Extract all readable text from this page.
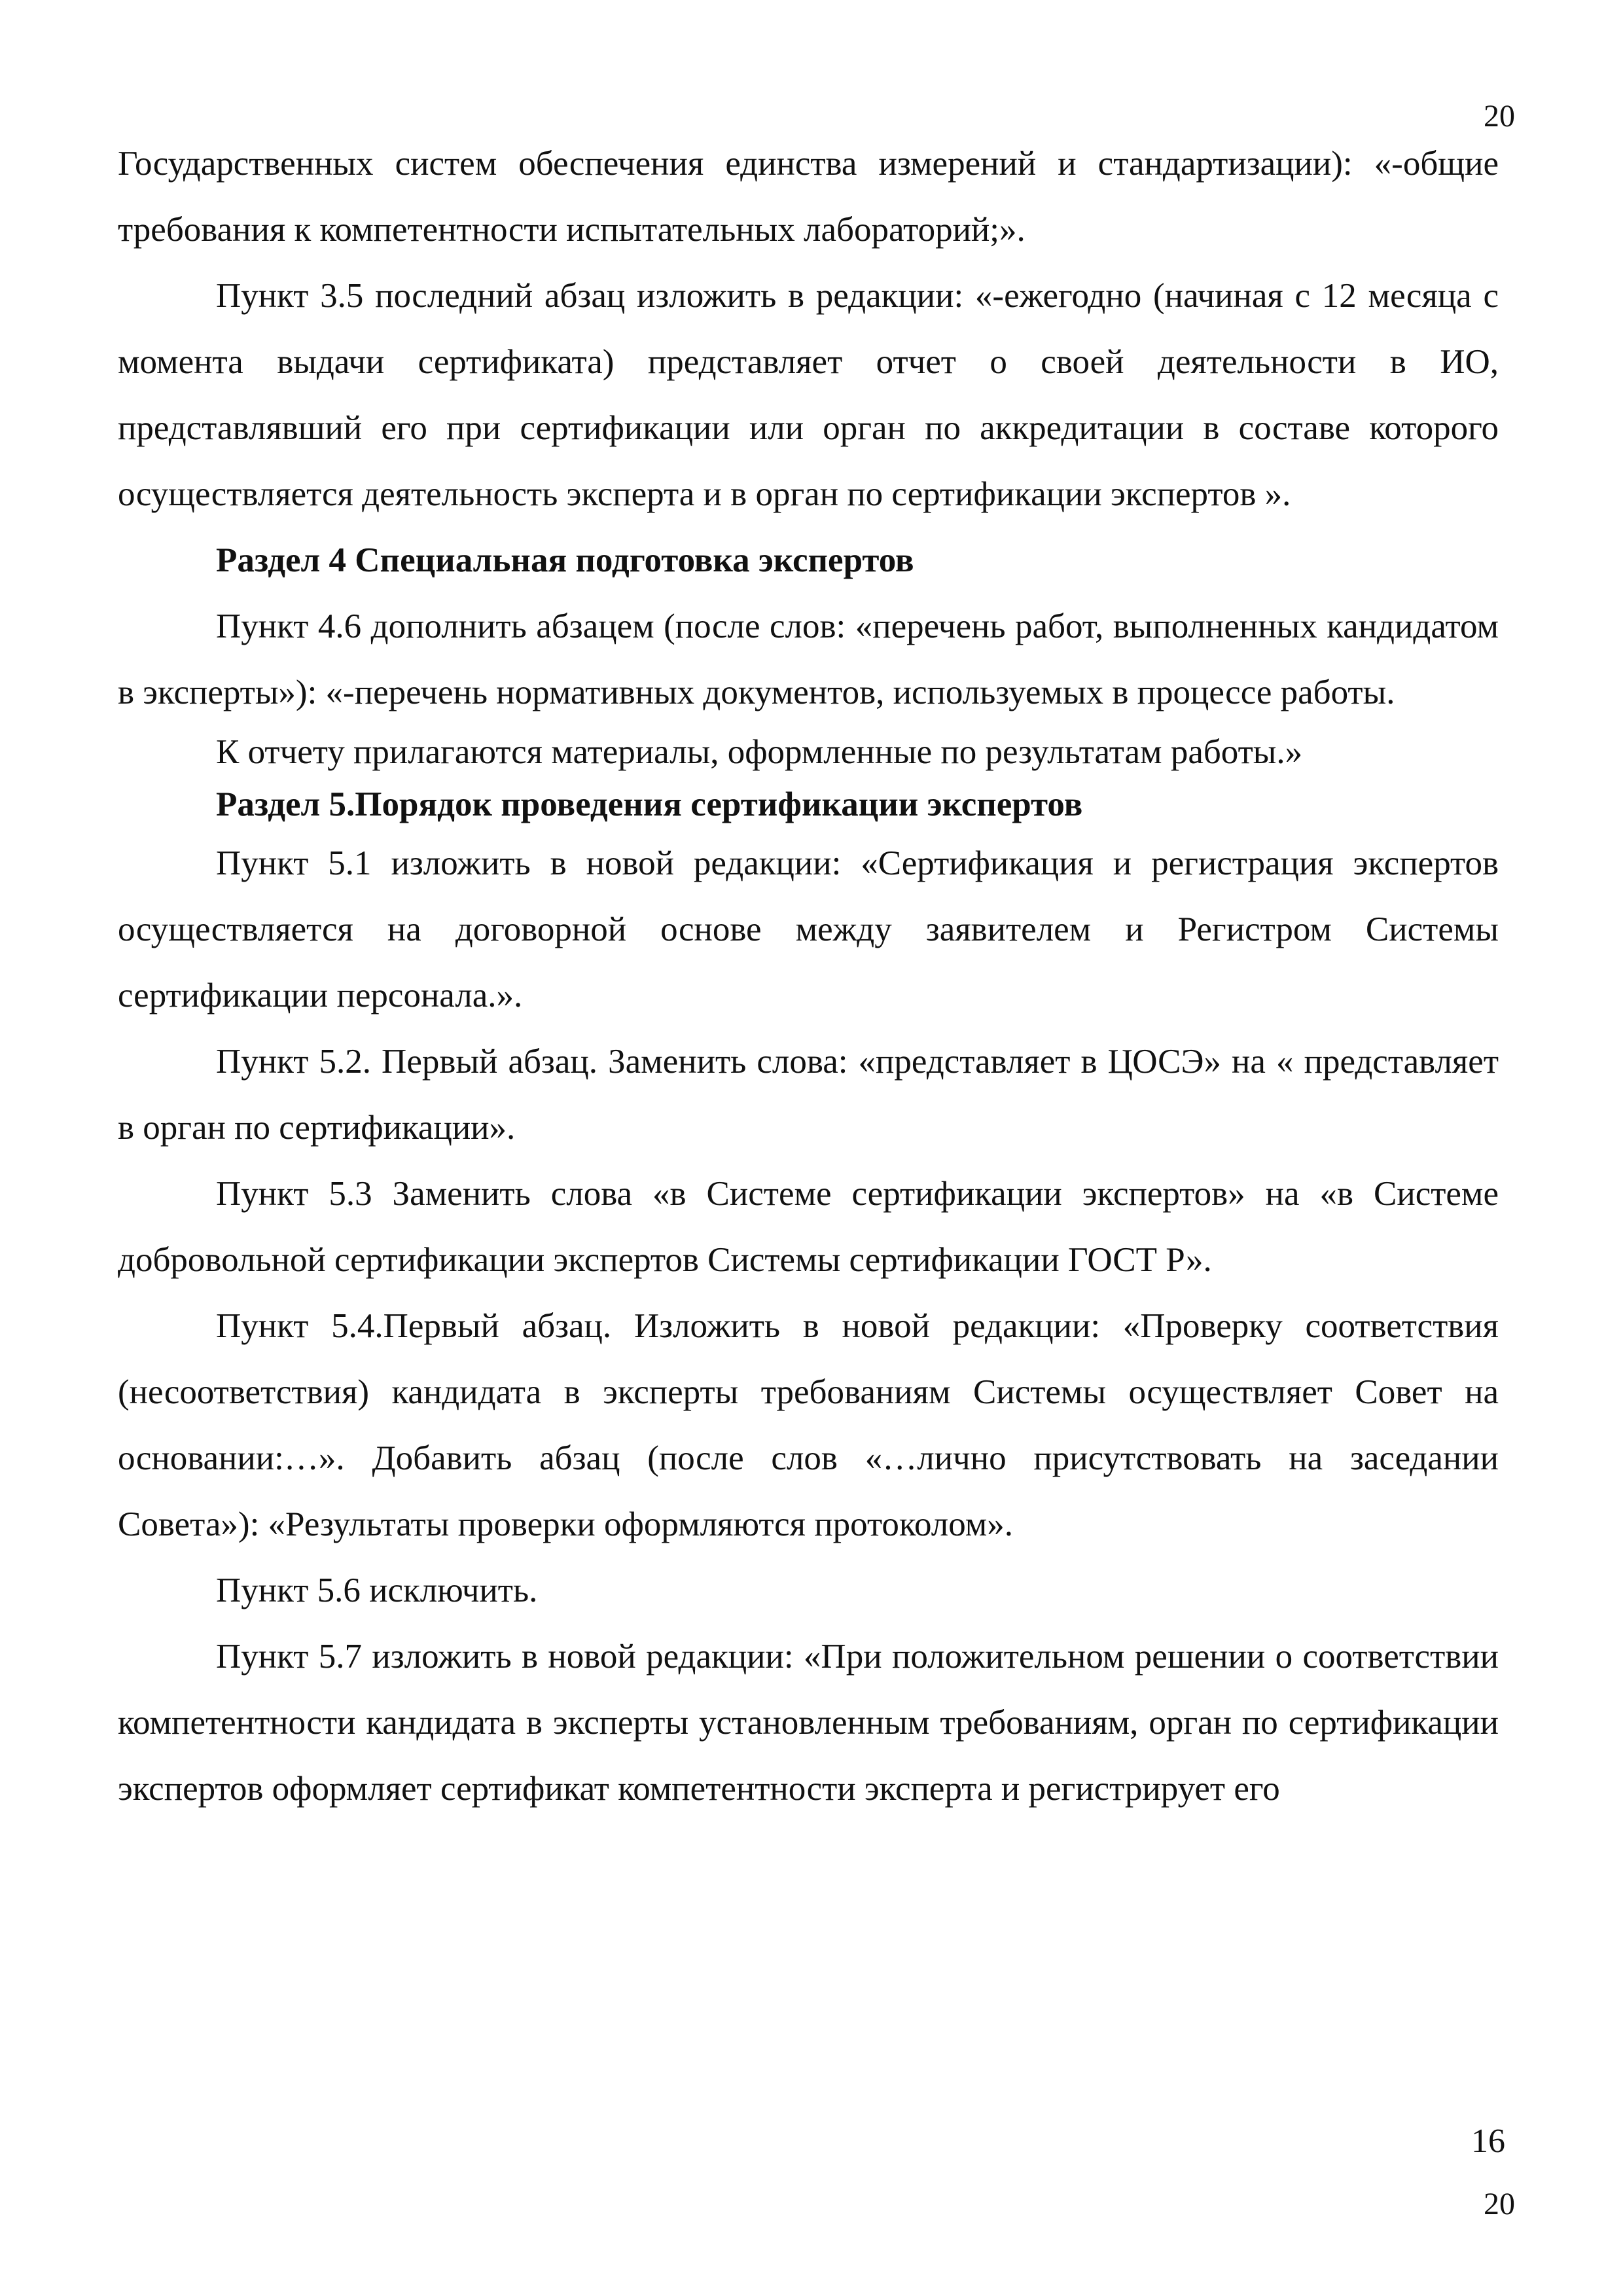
20

Государственных систем обеспечения единства измерений и стандартизации): «-общие требования к компетентности испытательных лабораторий;».

Пункт 3.5 последний абзац изложить в редакции: «-ежегодно (начиная с 12 месяца с момента выдачи сертификата) представляет отчет о своей деятельности в ИО, представлявший его при сертификации или орган по аккредитации в составе которого осуществляется деятельность эксперта и в орган по сертификации экспертов ».

Раздел 4 Специальная подготовка экспертов

Пункт 4.6 дополнить абзацем (после слов: «перечень работ, выполненных кандидатом в эксперты»): «-перечень нормативных документов, используемых в процессе работы.

К отчету прилагаются материалы, оформленные по результатам работы.»

Раздел 5.Порядок проведения сертификации экспертов

Пункт 5.1 изложить в новой редакции: «Сертификация и регистрация экспертов осуществляется на договорной основе между заявителем и Регистром Системы сертификации персонала.».

Пункт 5.2. Первый абзац. Заменить слова: «представляет в ЦОСЭ» на « представляет в орган по сертификации».

Пункт 5.3 Заменить слова «в Системе сертификации экспертов» на «в Системе добровольной сертификации экспертов Системы сертификации ГОСТ Р».

Пункт 5.4.Первый абзац. Изложить в новой редакции: «Проверку соответствия (несоответствия) кандидата в эксперты требованиям Системы осуществляет Совет на основании:…». Добавить абзац (после слов «…лично присутствовать на заседании Совета»): «Результаты проверки оформляются протоколом».

Пункт 5.6 исключить.

Пункт 5.7 изложить в новой редакции: «При положительном решении о соответствии компетентности кандидата в эксперты установленным требованиям, орган по сертификации экспертов оформляет сертификат компетентности эксперта и регистрирует его

16
20
